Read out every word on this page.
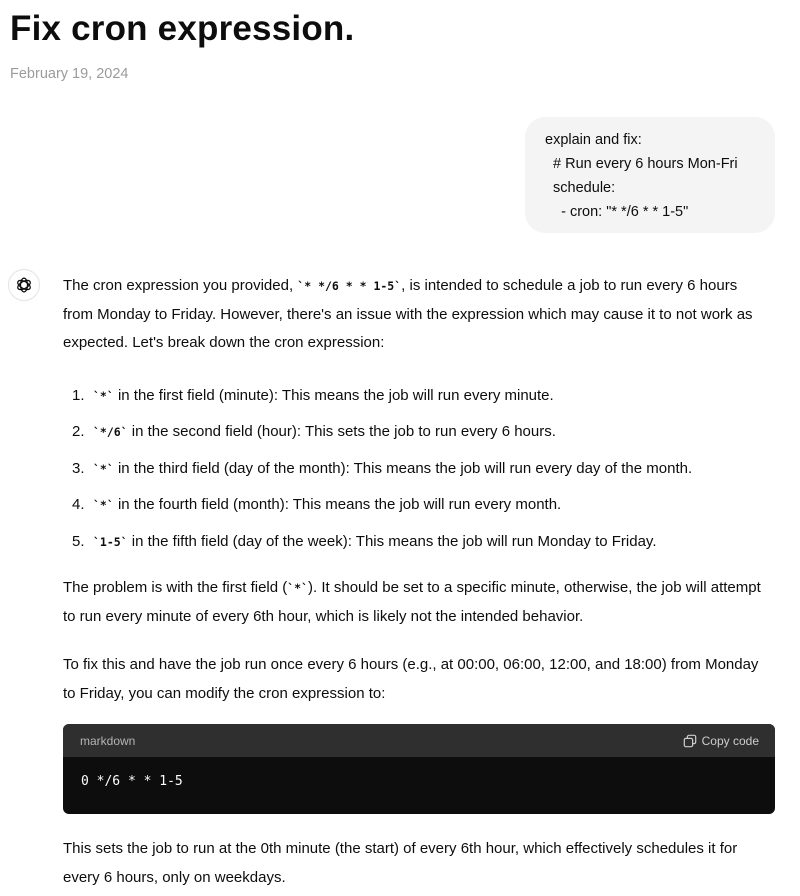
Fix cron expression.
February 19, 2024
explain and fix:
# Run every 6 hours Mon-Fri
schedule:
- cron: "* */6 * * 1-5"

The cron expression you provided, `* */6 * * 1-5`, is intended to schedule a job to run every 6 hours from Monday to Friday. However, there's an issue with the expression which may cause it to not work as expected. Let's break down the cron expression:

1. `*` in the first field (minute): This means the job will run every minute.
2. `*/6` in the second field (hour): This sets the job to run every 6 hours.
3. `*` in the third field (day of the month): This means the job will run every day of the month.
4. `*` in the fourth field (month): This means the job will run every month.
5. `1-5` in the fifth field (day of the week): This means the job will run Monday to Friday.

The problem is with the first field (`*`). It should be set to a specific minute, otherwise, the job will attempt to run every minute of every 6th hour, which is likely not the intended behavior.

To fix this and have the job run once every 6 hours (e.g., at 00:00, 06:00, 12:00, and 18:00) from Monday to Friday, you can modify the cron expression to:

markdown	Copy code
0 */6 * * 1-5

This sets the job to run at the 0th minute (the start) of every 6th hour, which effectively schedules it for every 6 hours, only on weekdays.
